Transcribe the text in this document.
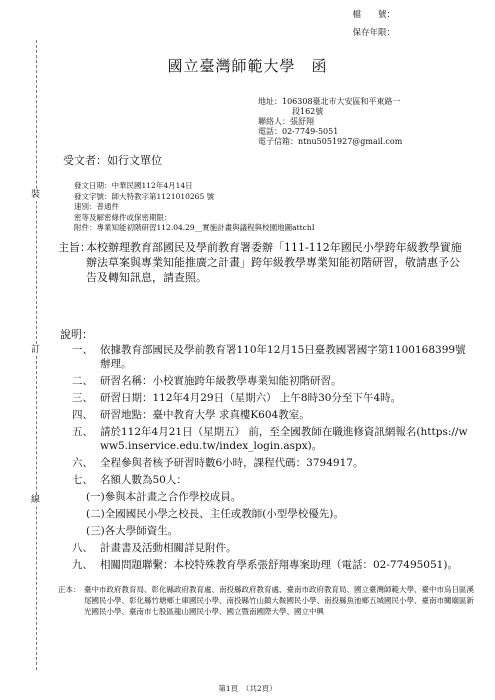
裝
訂
線
檔　　號：
保存年限：
國立臺灣師範大學　函
地址：106308臺北市大安區和平東路一
段162號
聯絡人：張舒翔
電話：02-7749-5051
電子信箱：ntnu5051927@gmail.com
受文者：如行文單位
發文日期：中華民國112年4月14日
發文字號：師大特教字第1121010265 號
速別：普通件
密等及解密條件或保密期限：
附件：專業知能初階研習112.04.29__實施計畫與議程與校園地圖attchI
主旨：
本校辦理教育部國民及學前教育署委辦「111-112年國民小學跨年級教學實施辦法草案與專業知能推廣之計畫」跨年級教學專業知能初階研習，敬請惠予公告及轉知訊息，請查照。
說明：
一、 依據教育部國民及學前教育署110年12月15日臺教國署國字第1100168399號辦理。
二、 研習名稱：小校實施跨年級教學專業知能初階研習。
三、 研習日期：112年4月29日（星期六） 上午8時30分至下午4時。
四、 研習地點：臺中教育大學 求真樓K604教室。
五、 請於112年4月21日（星期五） 前，至全國教師在職進修資訊網報名(https://www5.inservice.edu.tw/index_login.aspx)。
六、 全程參與者核予研習時數6小時，課程代碼：3794917。
七、 名額人數為50人：
(一)參與本計畫之合作學校成員。
(二)全國國民小學之校長、主任或教師(小型學校優先)。
(三)各大學師資生。
八、 計畫書及活動相關詳見附件。
九、 相關問題聯繫：本校特殊教育學系張舒翔專案助理（電話：02-77495051)。
正本： 臺中市政府教育局、彰化縣政府教育處、南投縣政府教育處、臺南市政府教育局、國立臺灣師範大學、臺中市烏日區溪尾國民小學、彰化縣竹塘鄉土庫國民小學、南投縣竹山鎮大鞍國民小學、南投縣魚池鄉五城國民小學、臺南市關廟區新光國民小學、臺南市七股區龍山國民小學、國立暨南國際大學、國立中興
第1頁　（共2頁）
